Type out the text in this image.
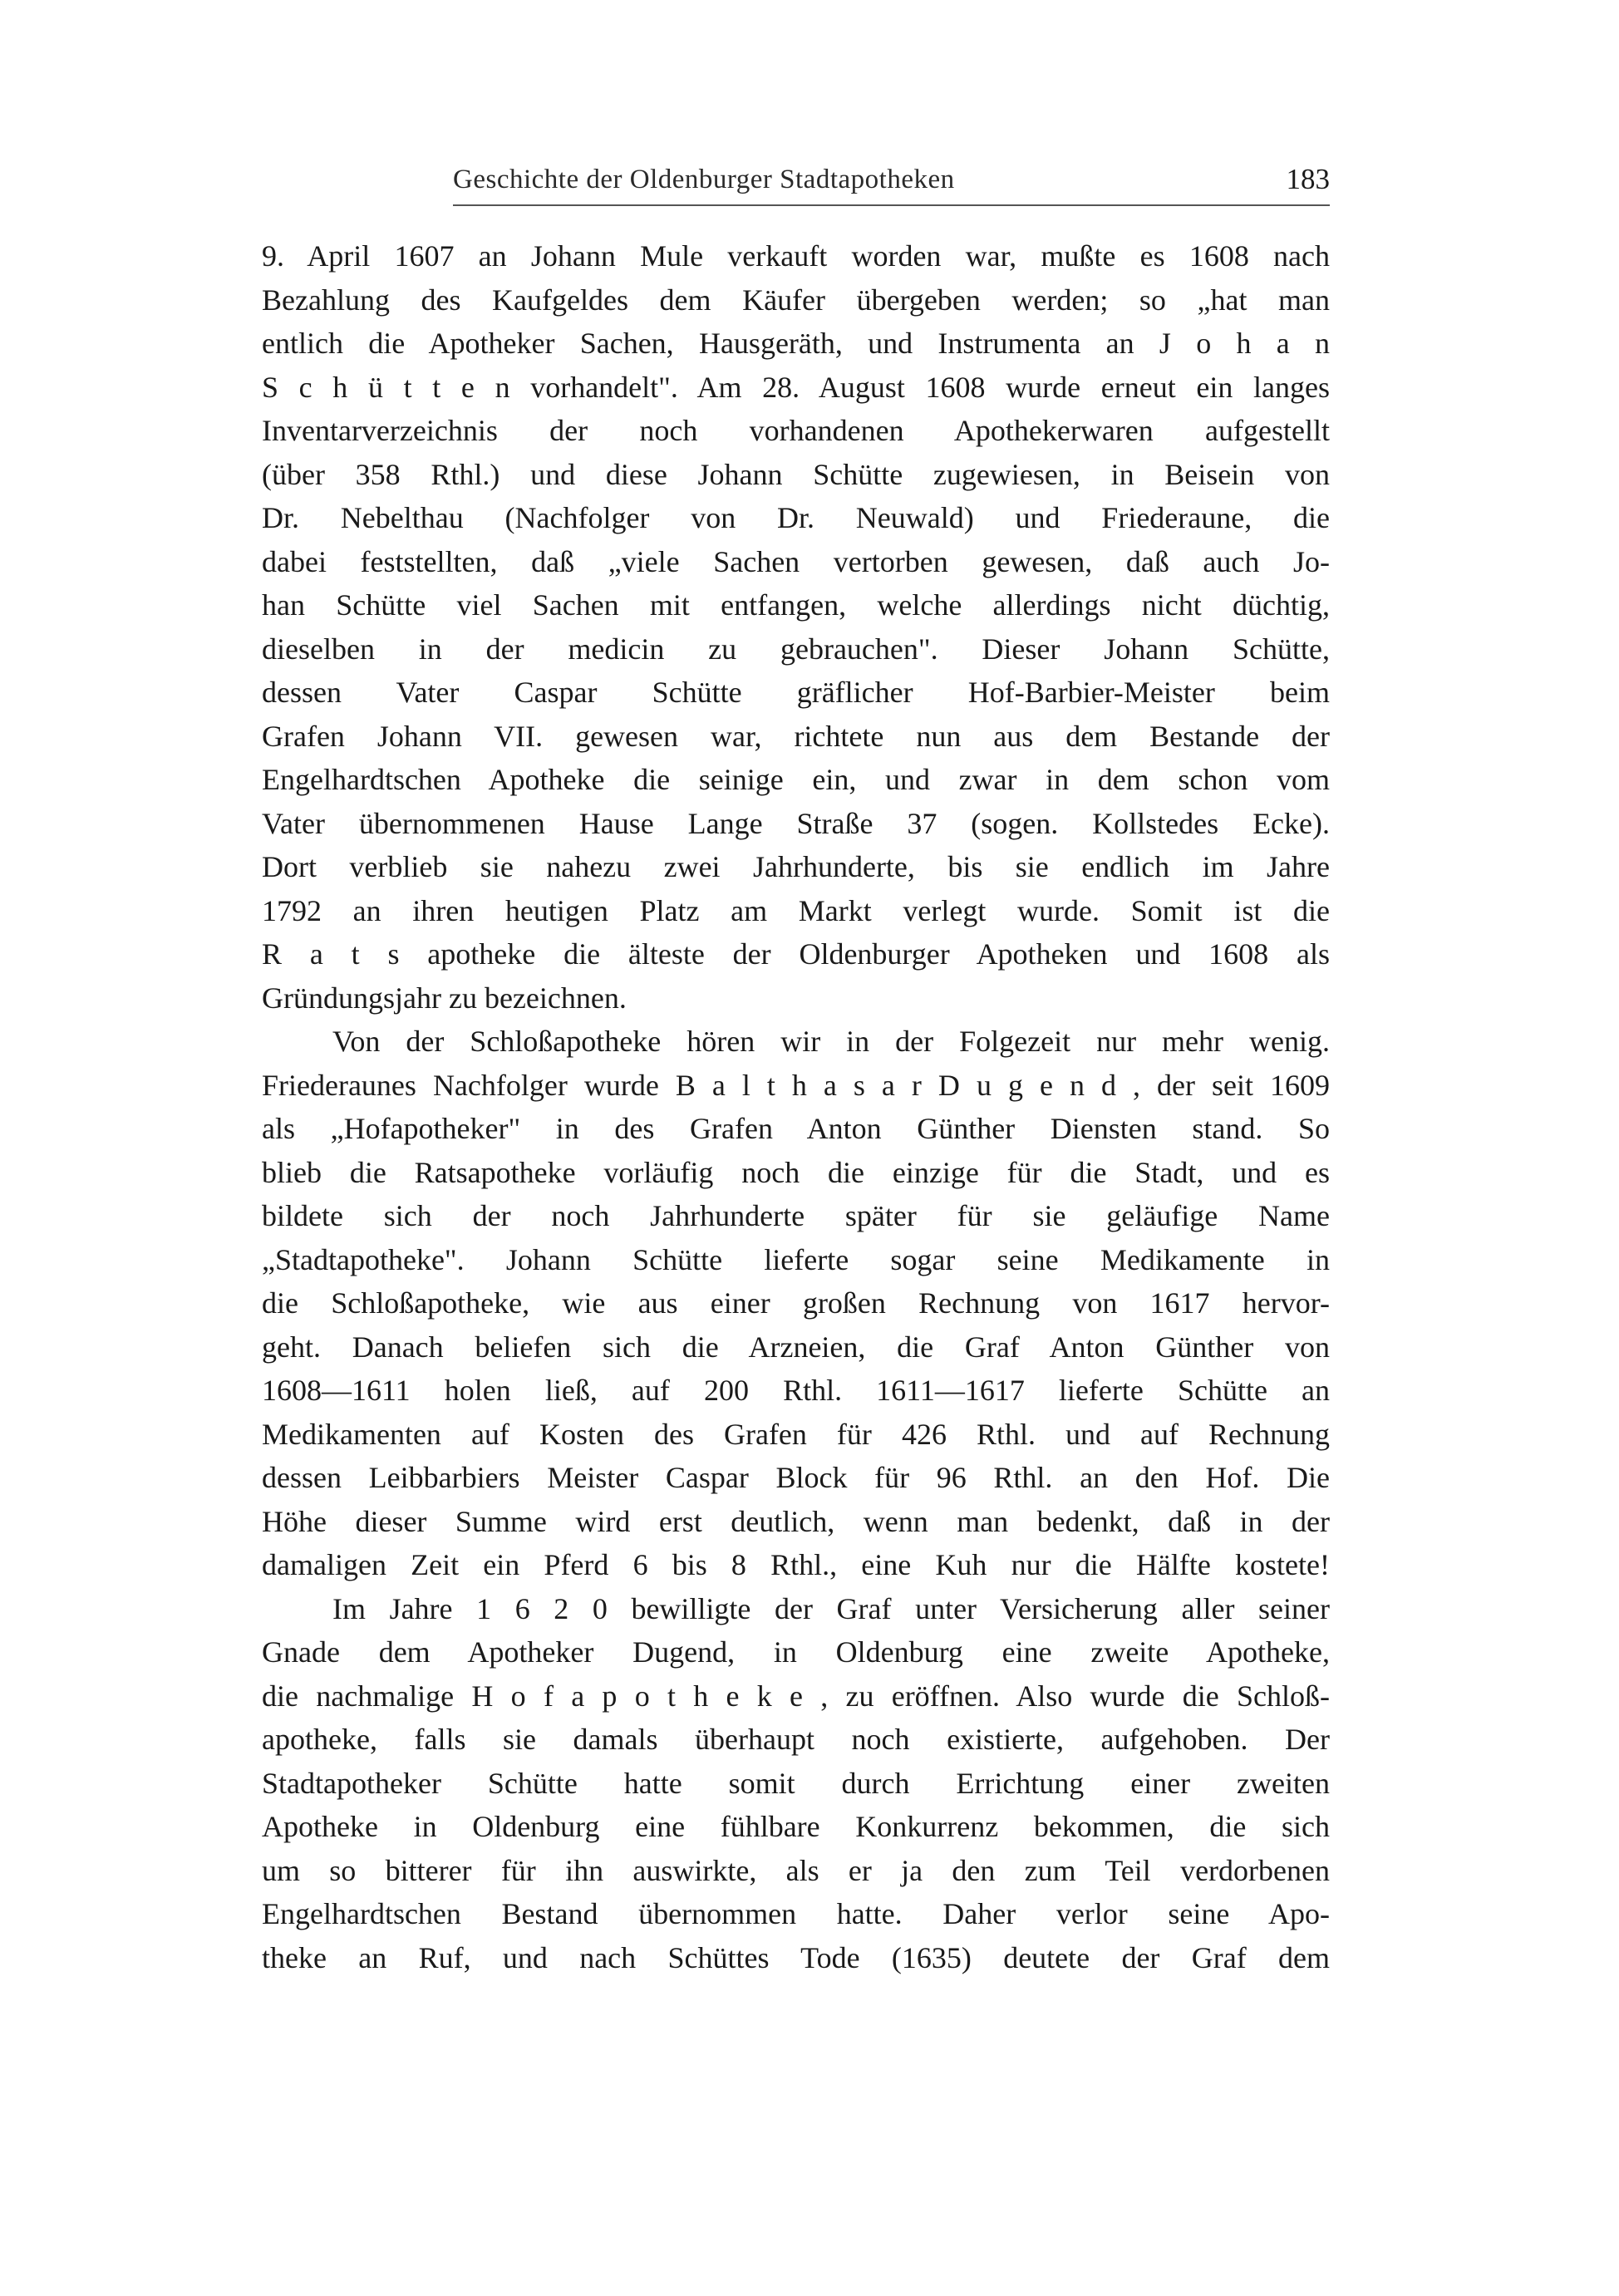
Geschichte der Oldenburger Stadtapotheken	183
9. April 1607 an Johann Mule verkauft worden war, mußte es 1608 nach
Bezahlung des Kaufgeldes dem Käufer übergeben werden; so „hat man
entlich die Apotheker Sachen, Hausgeräth, und Instrumenta an J o h a n
S c h ü t t e n vorhandelt". Am 28. August 1608 wurde erneut ein langes
Inventarverzeichnis der noch vorhandenen Apothekerwaren aufgestellt
(über 358 Rthl.) und diese Johann Schütte zugewiesen, in Beisein von
Dr. Nebelthau (Nachfolger von Dr. Neuwald) und Friederaune, die
dabei feststellten, daß „viele Sachen vertorben gewesen, daß auch Jo-
han Schütte viel Sachen mit entfangen, welche allerdings nicht düchtig,
dieselben in der medicin zu gebrauchen". Dieser Johann Schütte,
dessen Vater Caspar Schütte gräflicher Hof-Barbier-Meister beim
Grafen Johann VII. gewesen war, richtete nun aus dem Bestande der
Engelhardtschen Apotheke die seinige ein, und zwar in dem schon vom
Vater übernommenen Hause Lange Straße 37 (sogen. Kollstedes Ecke).
Dort verblieb sie nahezu zwei Jahrhunderte, bis sie endlich im Jahre
1792 an ihren heutigen Platz am Markt verlegt wurde. Somit ist die
R a t s apotheke die älteste der Oldenburger Apotheken und 1608 als
Gründungsjahr zu bezeichnen.
Von der Schloßapotheke hören wir in der Folgezeit nur mehr wenig.
Friederaunes Nachfolger wurde B a l t h a s a r D u g e n d , der seit 1609
als „Hofapotheker" in des Grafen Anton Günther Diensten stand. So
blieb die Ratsapotheke vorläufig noch die einzige für die Stadt, und es
bildete sich der noch Jahrhunderte später für sie geläufige Name
„Stadtapotheke". Johann Schütte lieferte sogar seine Medikamente in
die Schloßapotheke, wie aus einer großen Rechnung von 1617 hervor-
geht. Danach beliefen sich die Arzneien, die Graf Anton Günther von
1608—1611 holen ließ, auf 200 Rthl. 1611—1617 lieferte Schütte an
Medikamenten auf Kosten des Grafen für 426 Rthl. und auf Rechnung
dessen Leibbarbiers Meister Caspar Block für 96 Rthl. an den Hof. Die
Höhe dieser Summe wird erst deutlich, wenn man bedenkt, daß in der
damaligen Zeit ein Pferd 6 bis 8 Rthl., eine Kuh nur die Hälfte kostete!
Im Jahre 1 6 2 0 bewilligte der Graf unter Versicherung aller seiner
Gnade dem Apotheker Dugend, in Oldenburg eine zweite Apotheke,
die nachmalige H o f a p o t h e k e , zu eröffnen. Also wurde die Schloß-
apotheke, falls sie damals überhaupt noch existierte, aufgehoben. Der
Stadtapotheker Schütte hatte somit durch Errichtung einer zweiten
Apotheke in Oldenburg eine fühlbare Konkurrenz bekommen, die sich
um so bitterer für ihn auswirkte, als er ja den zum Teil verdorbenen
Engelhardtschen Bestand übernommen hatte. Daher verlor seine Apo-
theke an Ruf, und nach Schüttes Tode (1635) deutete der Graf dem
